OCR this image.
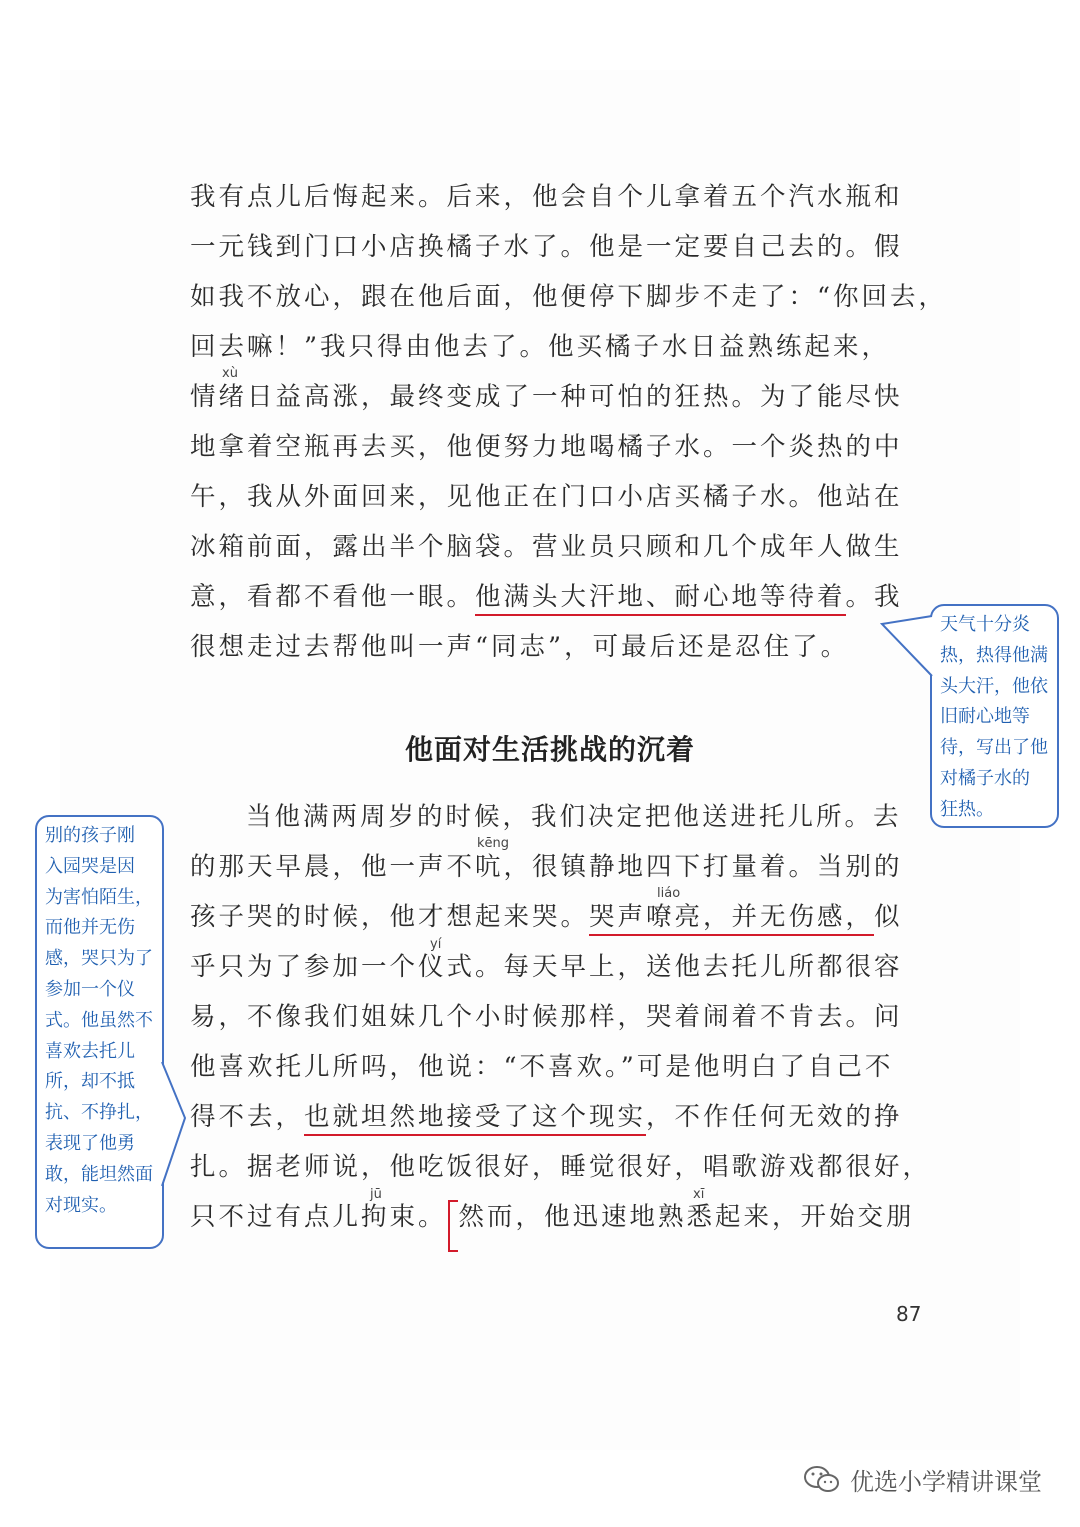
我有点儿后悔起来。后来，他会自个儿拿着五个汽水瓶和
一元钱到门口小店换橘子水了。他是一定要自己去的。假
如我不放心，跟在他后面，他便停下脚步不走了：“你回去，
回去嘛！”我只得由他去了。他买橘子水日益熟练起来，
情绪日益高涨，最终变成了一种可怕的狂热。为了能尽快
地拿着空瓶再去买，他便努力地喝橘子水。一个炎热的中
午，我从外面回来，见他正在门口小店买橘子水。他站在
冰箱前面，露出半个脑袋。营业员只顾和几个成年人做生
意，看都不看他一眼。他满头大汗地、耐心地等待着。我
很想走过去帮他叫一声“同志”，可最后还是忍住了。
xù
kēng
liáo
yí
jū	xī
他面对生活挑战的沉着
当他满两周岁的时候，我们决定把他送进托儿所。去
的那天早晨，他一声不吭，很镇静地四下打量着。当别的
孩子哭的时候，他才想起来哭。哭声嘹亮，并无伤感，似
乎只为了参加一个仪式。每天早上，送他去托儿所都很容
易，不像我们姐妹几个小时候那样，哭着闹着不肯去。问
他喜欢托儿所吗，他说：“不喜欢。”可是他明白了自己不
得不去，也就坦然地接受了这个现实，不作任何无效的挣
扎。据老师说，他吃饭很好，睡觉很好，唱歌游戏都很好，
只不过有点儿拘束。 然而，他迅速地熟悉起来，开始交朋
天气十分炎
热，热得他满
头大汗，他依
旧耐心地等
待，写出了他
对橘子水的
狂热。
别的孩子刚
入园哭是因
为害怕陌生，
而他并无伤
感，哭只为了
参加一个仪
式。他虽然不
喜欢去托儿
所，却不抵
抗、不挣扎，
表现了他勇
敢，能坦然面
对现实。
87
优选小学精讲课堂
